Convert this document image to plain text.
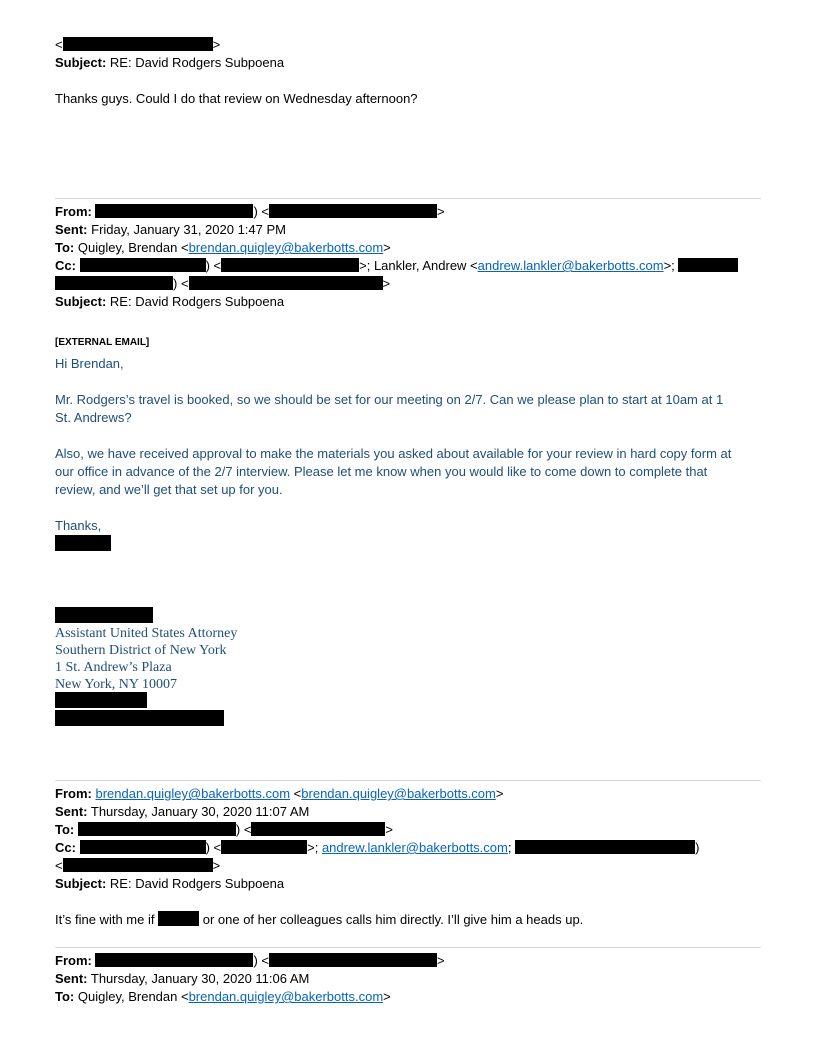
<	>
Subject: RE: David Rodgers Subpoena
Thanks guys. Could I do that review on Wednesday afternoon?
From:	) <	>
Sent: Friday, January 31, 2020 1:47 PM
To: Quigley, Brendan <brendan.quigley@bakerbotts.com>
Cc:	) <	>; Lankler, Andrew <andrew.lankler@bakerbotts.com>;
) <	>
Subject: RE: David Rodgers Subpoena
[EXTERNAL EMAIL]
Hi Brendan,
Mr. Rodgers’s travel is booked, so we should be set for our meeting on 2/7. Can we please plan to start at 10am at 1
St. Andrews?
Also, we have received approval to make the materials you asked about available for your review in hard copy form at
our office in advance of the 2/7 interview. Please let me know when you would like to come down to complete that
review, and we’ll get that set up for you.
Thanks,
Assistant United States Attorney
Southern District of New York
1 St. Andrew’s Plaza
New York, NY 10007
From: brendan.quigley@bakerbotts.com <brendan.quigley@bakerbotts.com>
Sent: Thursday, January 30, 2020 11:07 AM
To:	) <	>
Cc:	) <	>; andrew.lankler@bakerbotts.com;	)
<	>
Subject: RE: David Rodgers Subpoena
It’s fine with me if	or one of her colleagues calls him directly. I’ll give him a heads up.
From:	) <	>
Sent: Thursday, January 30, 2020 11:06 AM
To: Quigley, Brendan <brendan.quigley@bakerbotts.com>
